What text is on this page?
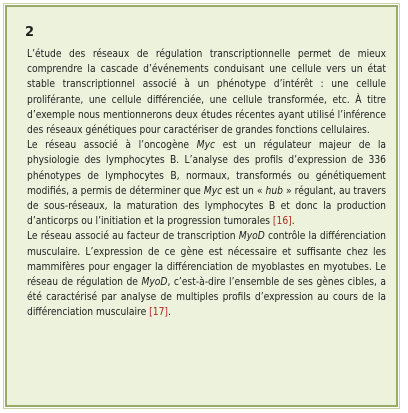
2

L’étude des réseaux de régulation transcriptionnelle permet de mieux comprendre la cascade d’événements conduisant une cellule vers un état stable transcriptionnel associé à un phénotype d’intérêt : une cellule proliférante, une cellule différenciée, une cellule transformée, etc. À titre d’exemple nous mentionnerons deux études récentes ayant utilisé l’inférence des réseaux génétiques pour caractériser de grandes fonctions cellulaires.

Le réseau associé à l’oncogène Myc est un régulateur majeur de la physiologie des lymphocytes B. L’analyse des profils d’expression de 336 phénotypes de lymphocytes B, normaux, transformés ou génétiquement modifiés, a permis de déterminer que Myc est un « hub » régulant, au travers de sous-réseaux, la maturation des lymphocytes B et donc la production d’anticorps ou l’initiation et la progression tumorales [16].

Le réseau associé au facteur de transcription MyoD contrôle la différenciation musculaire. L’expression de ce gène est nécessaire et suffisante chez les mammifères pour engager la différenciation de myoblastes en myotubes. Le réseau de régulation de MyoD, c’est-à-dire l’ensemble de ses gènes cibles, a été caractérisé par analyse de multiples profils d’expression au cours de la différenciation musculaire [17].
